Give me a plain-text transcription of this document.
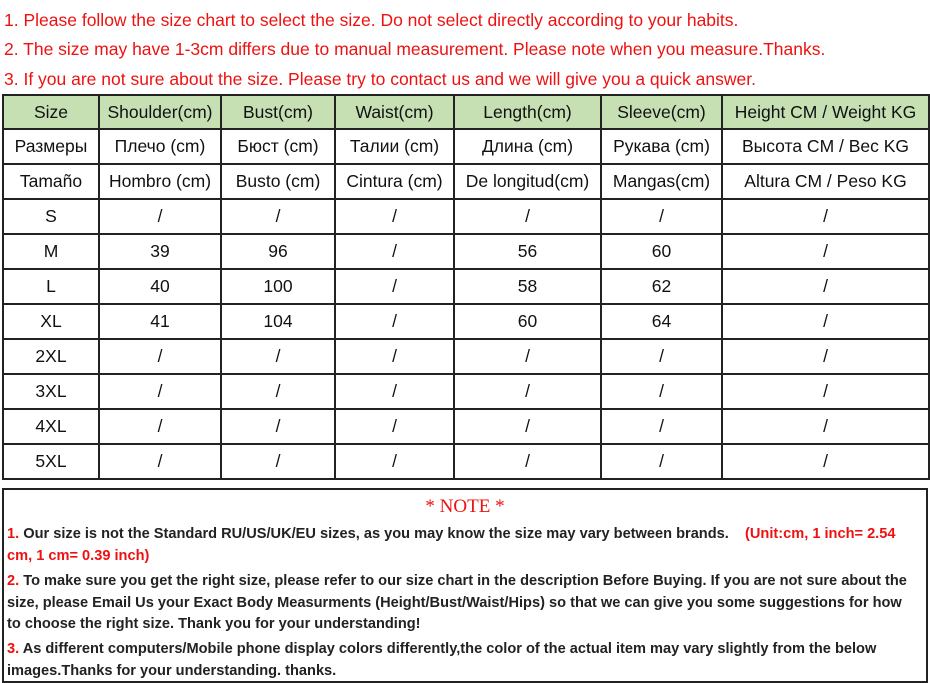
1. Please follow the size chart to select the size. Do not select directly according to your habits.
2. The size may have 1-3cm differs due to manual measurement. Please note when you measure.Thanks.
3. If you are not sure about the size. Please try to contact us and we will give you a quick answer.
Size	Shoulder(cm)	Bust(cm)	Waist(cm)	Length(cm)	Sleeve(cm)	Height CM / Weight KG
Размеры	Плечо (cm)	Бюст (cm)	Талии (cm)	Длина (cm)	Рукава (cm)	Высота CM / Вес KG
Tamaño	Hombro (cm)	Busto (cm)	Cintura (cm)	De longitud(cm)	Mangas(cm)	Altura CM / Peso KG
S	/	/	/	/	/	/
M	39	96	/	56	60	/
L	40	100	/	58	62	/
XL	41	104	/	60	64	/
2XL	/	/	/	/	/	/
3XL	/	/	/	/	/	/
4XL	/	/	/	/	/	/
5XL	/	/	/	/	/	/
* NOTE *
1. Our size is not the Standard RU/US/UK/EU sizes, as you may know the size may vary between brands. (Unit:cm, 1 inch= 2.54 cm, 1 cm= 0.39 inch)
2. To make sure you get the right size, please refer to our size chart in the description Before Buying. If you are not sure about the size, please Email Us your Exact Body Measurments (Height/Bust/Waist/Hips) so that we can give you some suggestions for how to choose the right size. Thank you for your understanding!
3. As different computers/Mobile phone display colors differently,the color of the actual item may vary slightly from the below images.Thanks for your understanding. thanks.
